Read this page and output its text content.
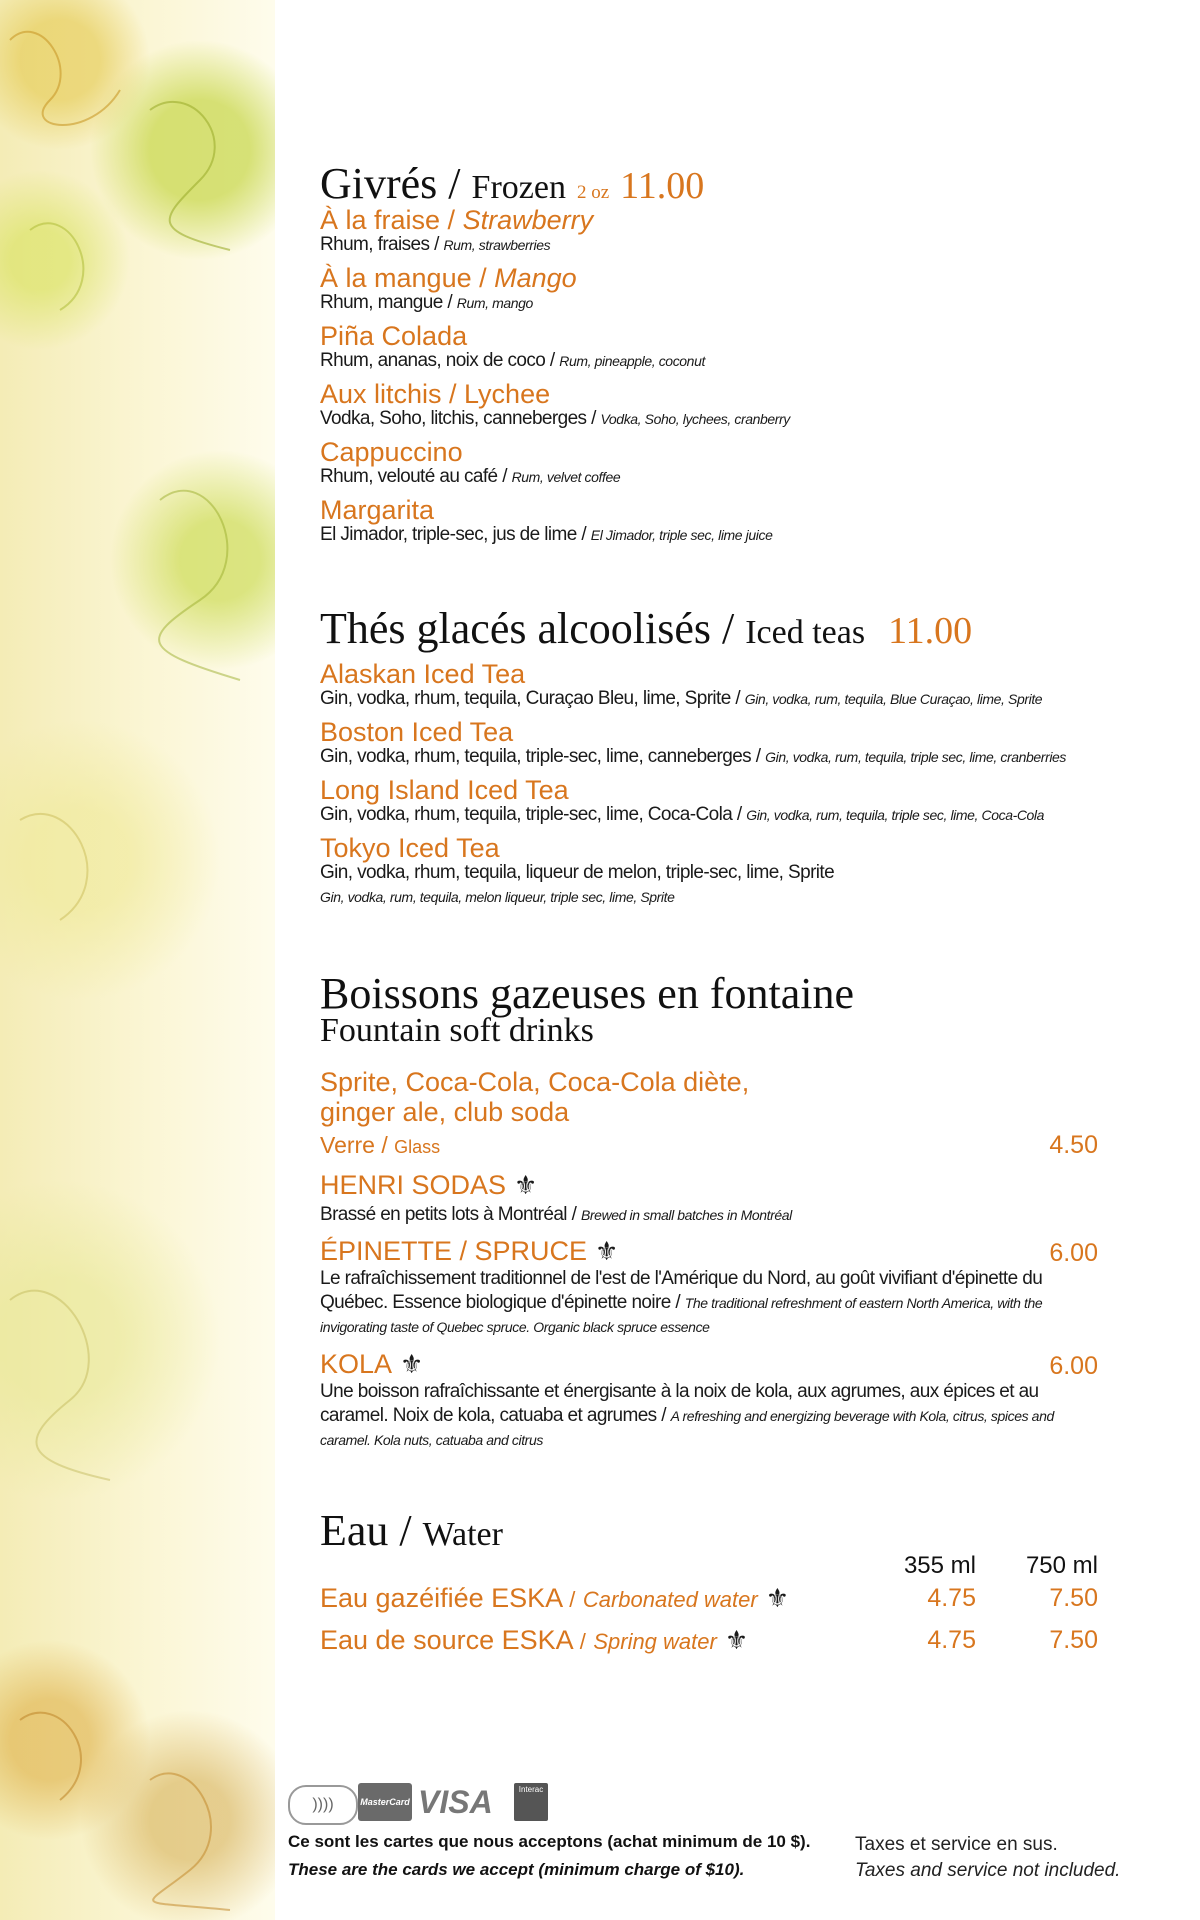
Givrés / Frozen 2 oz 11.00
À la fraise / Strawberry
Rhum, fraises / Rum, strawberries
À la mangue / Mango
Rhum, mangue / Rum, mango
Piña Colada
Rhum, ananas, noix de coco / Rum, pineapple, coconut
Aux litchis / Lychee
Vodka, Soho, litchis, canneberges / Vodka, Soho, lychees, cranberry
Cappuccino
Rhum, velouté au café / Rum, velvet coffee
Margarita
El Jimador, triple-sec, jus de lime / El Jimador, triple sec, lime juice
Thés glacés alcoolisés / Iced teas 11.00
Alaskan Iced Tea
Gin, vodka, rhum, tequila, Curaçao Bleu, lime, Sprite / Gin, vodka, rum, tequila, Blue Curaçao, lime, Sprite
Boston Iced Tea
Gin, vodka, rhum, tequila, triple-sec, lime, canneberges / Gin, vodka, rum, tequila, triple sec, lime, cranberries
Long Island Iced Tea
Gin, vodka, rhum, tequila, triple-sec, lime, Coca-Cola / Gin, vodka, rum, tequila, triple sec, lime, Coca-Cola
Tokyo Iced Tea
Gin, vodka, rhum, tequila, liqueur de melon, triple-sec, lime, Sprite
Gin, vodka, rum, tequila, melon liqueur, triple sec, lime, Sprite
Boissons gazeuses en fontaine
Fountain soft drinks
Sprite, Coca-Cola, Coca-Cola diète,
ginger ale, club soda
Verre / Glass	4.50
HENRI SODAS ⚜
Brassé en petits lots à Montréal / Brewed in small batches in Montréal
ÉPINETTE / SPRUCE ⚜	6.00
Le rafraîchissement traditionnel de l'est de l'Amérique du Nord, au goût vivifiant d'épinette du Québec. Essence biologique d'épinette noire / The traditional refreshment of eastern North America, with the invigorating taste of Quebec spruce. Organic black spruce essence
KOLA ⚜	6.00
Une boisson rafraîchissante et énergisante à la noix de kola, aux agrumes, aux épices et au caramel. Noix de kola, catuaba et agrumes / A refreshing and energizing beverage with Kola, citrus, spices and caramel. Kola nuts, catuaba and citrus
Eau / Water
355 ml	750 ml
Eau gazéifiée ESKA / Carbonated water ⚜	4.75	7.50
Eau de source ESKA / Spring water ⚜	4.75	7.50
))))	MasterCard VISA	Interac
Ce sont les cartes que nous acceptons (achat minimum de 10 $).
These are the cards we accept (minimum charge of $10).
Taxes et service en sus.
Taxes and service not included.
